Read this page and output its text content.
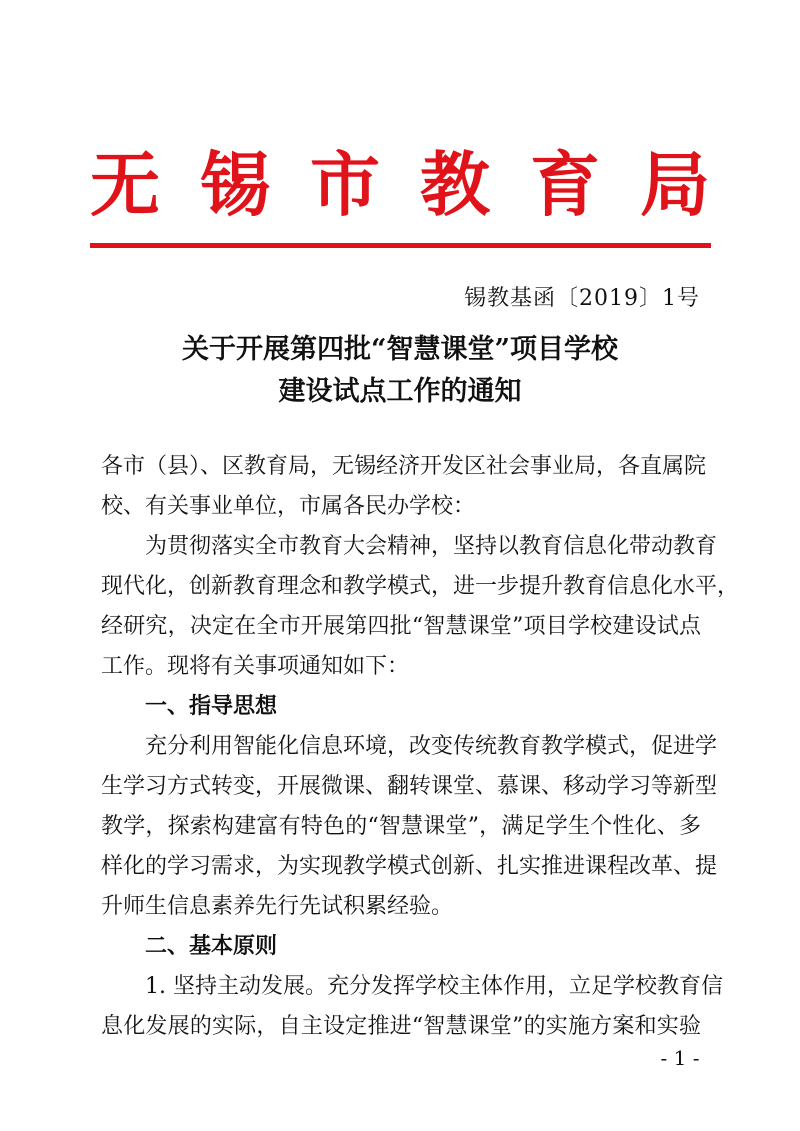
无 锡 市 教 育 局
锡教基函〔2019〕1号
关于开展第四批“智慧课堂”项目学校
建设试点工作的通知
各市（县）、区教育局，无锡经济开发区社会事业局，各直属院
校、有关事业单位，市属各民办学校：
为贯彻落实全市教育大会精神，坚持以教育信息化带动教育
现代化，创新教育理念和教学模式，进一步提升教育信息化水平，
经研究，决定在全市开展第四批“智慧课堂”项目学校建设试点
工作。现将有关事项通知如下：
一、指导思想
充分利用智能化信息环境，改变传统教育教学模式，促进学
生学习方式转变，开展微课、翻转课堂、慕课、移动学习等新型
教学，探索构建富有特色的“智慧课堂”，满足学生个性化、多
样化的学习需求，为实现教学模式创新、扎实推进课程改革、提
升师生信息素养先行先试积累经验。
二、基本原则
1. 坚持主动发展。充分发挥学校主体作用，立足学校教育信
息化发展的实际，自主设定推进“智慧课堂”的实施方案和实验
- 1 -
